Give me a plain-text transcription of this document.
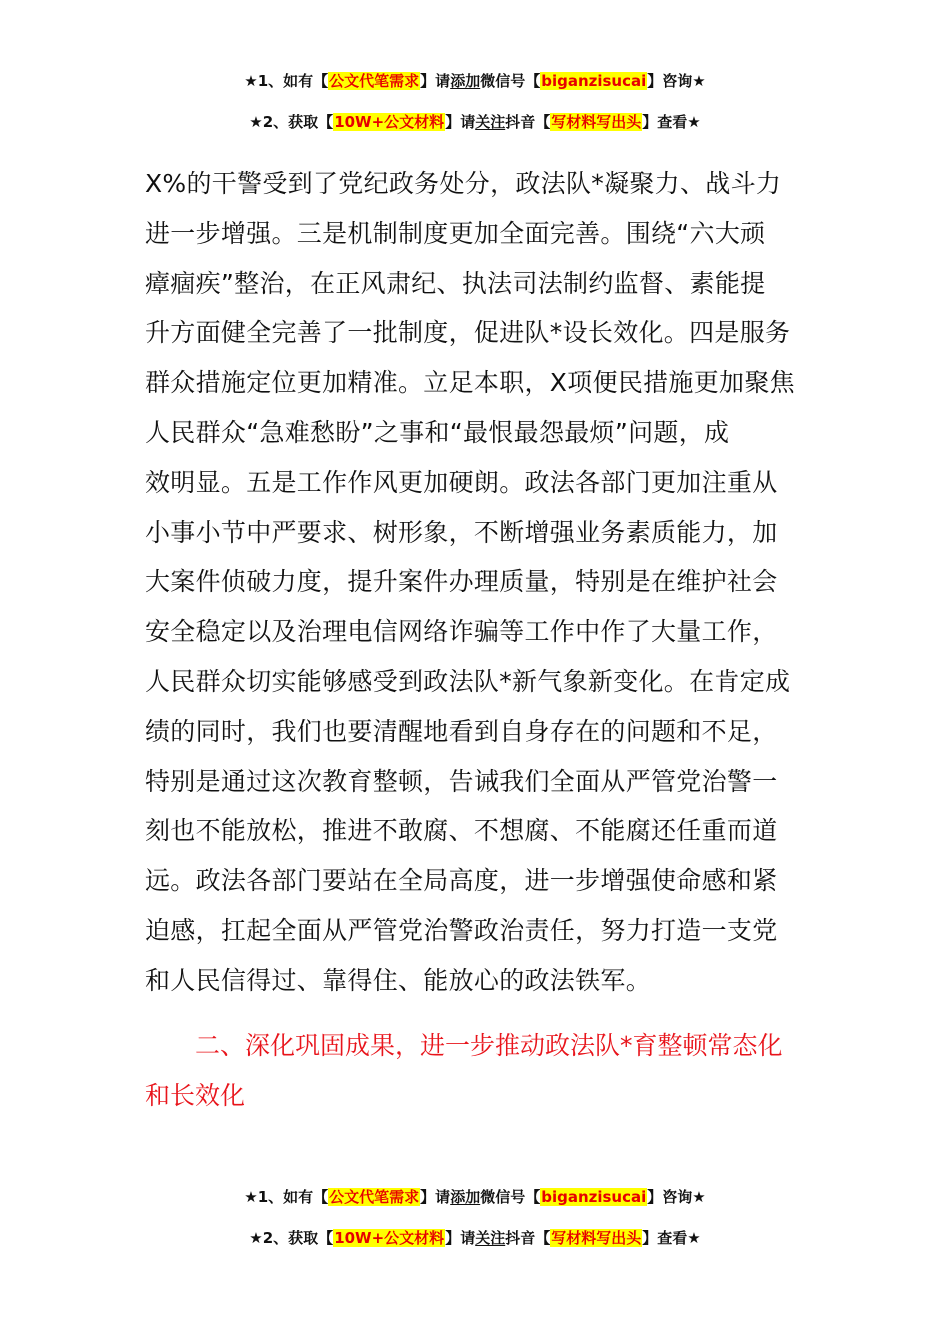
★1、如有【公文代笔需求】请添加微信号【biganzisucai】咨询★
★2、获取【10W+公文材料】请关注抖音【写材料写出头】查看★
X%的干警受到了党纪政务处分，政法队*凝聚力、战斗力
进一步增强。三是机制制度更加全面完善。围绕“六大顽
瘴痼疾”整治，在正风肃纪、执法司法制约监督、素能提
升方面健全完善了一批制度，促进队*设长效化。四是服务
群众措施定位更加精准。立足本职，X项便民措施更加聚焦
人民群众“急难愁盼”之事和“最恨最怨最烦”问题，成
效明显。五是工作作风更加硬朗。政法各部门更加注重从
小事小节中严要求、树形象，不断增强业务素质能力，加
大案件侦破力度，提升案件办理质量，特别是在维护社会
安全稳定以及治理电信网络诈骗等工作中作了大量工作，
人民群众切实能够感受到政法队*新气象新变化。在肯定成
绩的同时，我们也要清醒地看到自身存在的问题和不足，
特别是通过这次教育整顿，告诫我们全面从严管党治警一
刻也不能放松，推进不敢腐、不想腐、不能腐还任重而道
远。政法各部门要站在全局高度，进一步增强使命感和紧
迫感，扛起全面从严管党治警政治责任，努力打造一支党
和人民信得过、靠得住、能放心的政法铁军。
二、深化巩固成果，进一步推动政法队*育整顿常态化
和长效化
★1、如有【公文代笔需求】请添加微信号【biganzisucai】咨询★
★2、获取【10W+公文材料】请关注抖音【写材料写出头】查看★
